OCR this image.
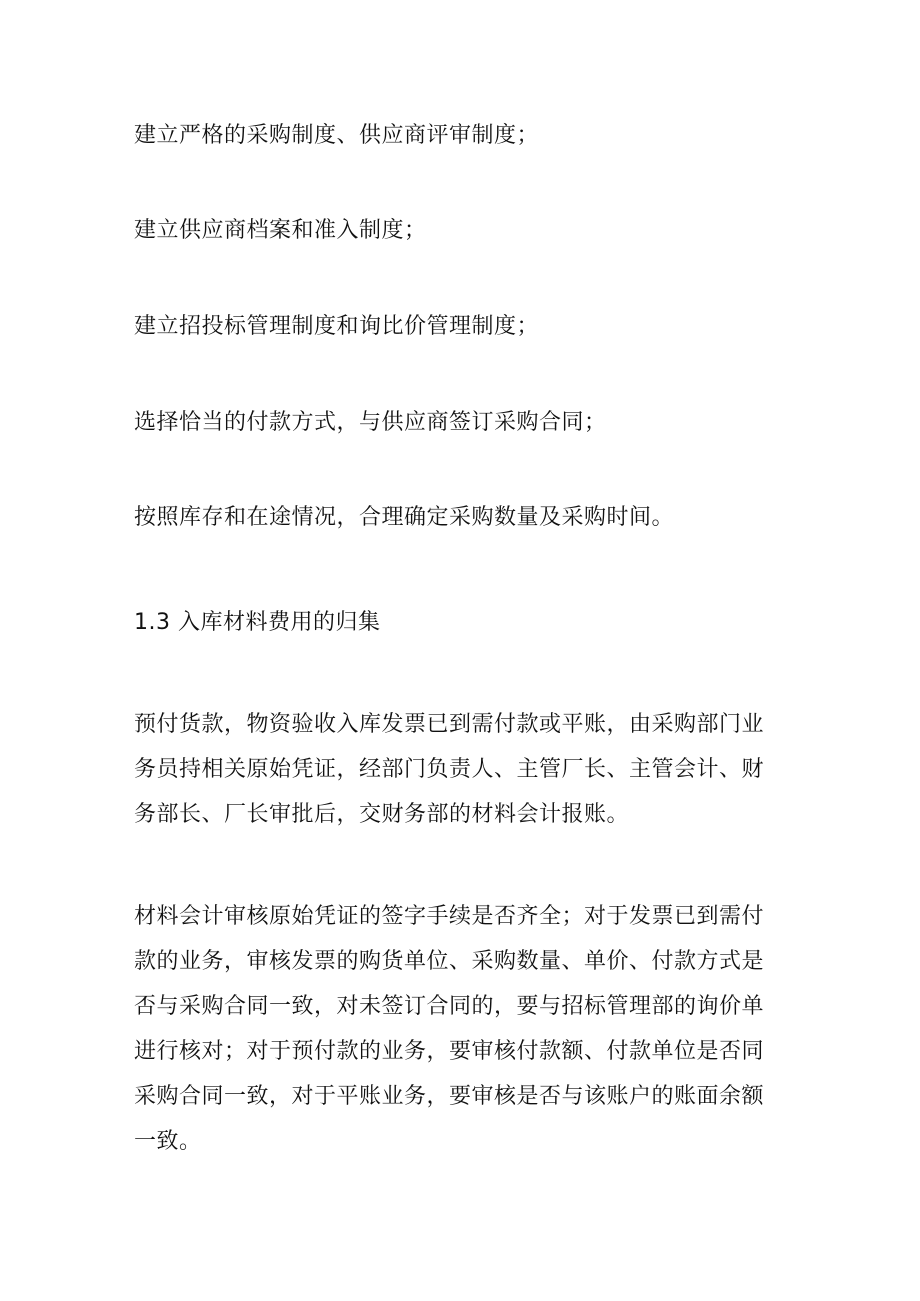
建立严格的采购制度、供应商评审制度；
建立供应商档案和准入制度；
建立招投标管理制度和询比价管理制度；
选择恰当的付款方式，与供应商签订采购合同；
按照库存和在途情况，合理确定采购数量及采购时间。
1.3 入库材料费用的归集
预付货款，物资验收入库发票已到需付款或平账，由采购部门业
务员持相关原始凭证，经部门负责人、主管厂长、主管会计、财
务部长、厂长审批后，交财务部的材料会计报账。
材料会计审核原始凭证的签字手续是否齐全；对于发票已到需付
款的业务，审核发票的购货单位、采购数量、单价、付款方式是
否与采购合同一致，对未签订合同的，要与招标管理部的询价单
进行核对；对于预付款的业务，要审核付款额、付款单位是否同
采购合同一致，对于平账业务，要审核是否与该账户的账面余额
一致。
